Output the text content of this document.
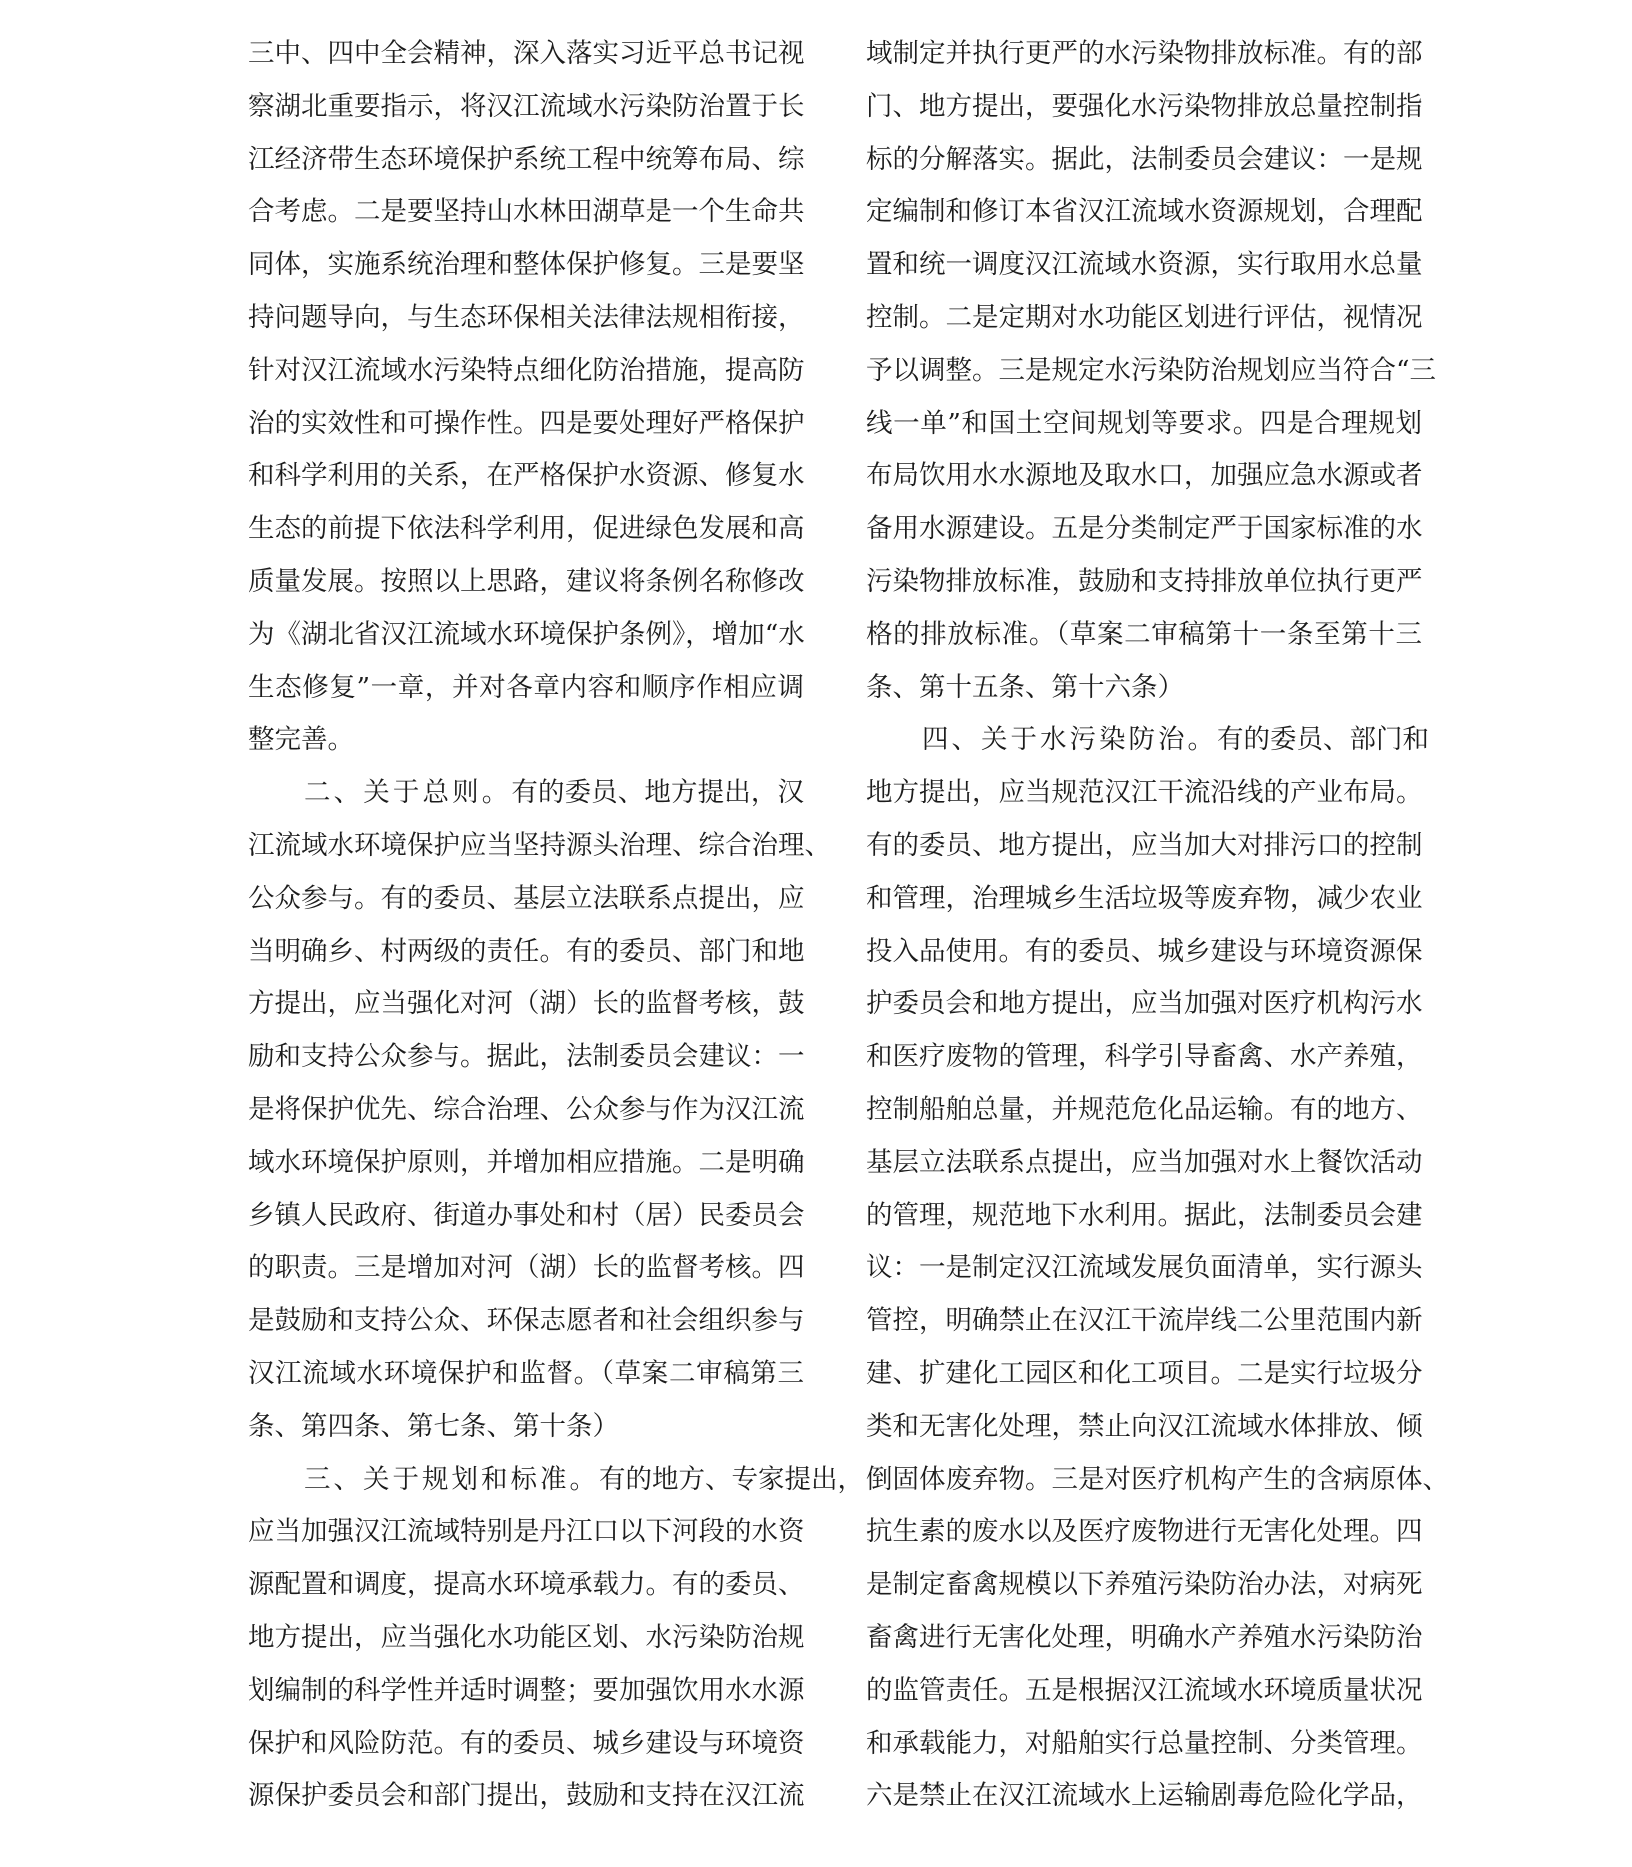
三中、四中全会精神，深入落实习近平总书记视
察湖北重要指示，将汉江流域水污染防治置于长
江经济带生态环境保护系统工程中统筹布局、综
合考虑。二是要坚持山水林田湖草是一个生命共
同体，实施系统治理和整体保护修复。三是要坚
持问题导向，与生态环保相关法律法规相衔接，
针对汉江流域水污染特点细化防治措施，提高防
治的实效性和可操作性。四是要处理好严格保护
和科学利用的关系，在严格保护水资源、修复水
生态的前提下依法科学利用，促进绿色发展和高
质量发展。按照以上思路，建议将条例名称修改
为《湖北省汉江流域水环境保护条例》，增加“水
生态修复”一章，并对各章内容和顺序作相应调
整完善。
二、关于总则。有的委员、地方提出，汉
江流域水环境保护应当坚持源头治理、综合治理、
公众参与。有的委员、基层立法联系点提出，应
当明确乡、村两级的责任。有的委员、部门和地
方提出，应当强化对河（湖）长的监督考核，鼓
励和支持公众参与。据此，法制委员会建议：一
是将保护优先、综合治理、公众参与作为汉江流
域水环境保护原则，并增加相应措施。二是明确
乡镇人民政府、街道办事处和村（居）民委员会
的职责。三是增加对河（湖）长的监督考核。四
是鼓励和支持公众、环保志愿者和社会组织参与
汉江流域水环境保护和监督。（草案二审稿第三
条、第四条、第七条、第十条）
三、关于规划和标准。有的地方、专家提出，
应当加强汉江流域特别是丹江口以下河段的水资
源配置和调度，提高水环境承载力。有的委员、
地方提出，应当强化水功能区划、水污染防治规
划编制的科学性并适时调整；要加强饮用水水源
保护和风险防范。有的委员、城乡建设与环境资
源保护委员会和部门提出，鼓励和支持在汉江流
域制定并执行更严的水污染物排放标准。有的部
门、地方提出，要强化水污染物排放总量控制指
标的分解落实。据此，法制委员会建议：一是规
定编制和修订本省汉江流域水资源规划，合理配
置和统一调度汉江流域水资源，实行取用水总量
控制。二是定期对水功能区划进行评估，视情况
予以调整。三是规定水污染防治规划应当符合“三
线一单”和国土空间规划等要求。四是合理规划
布局饮用水水源地及取水口，加强应急水源或者
备用水源建设。五是分类制定严于国家标准的水
污染物排放标准，鼓励和支持排放单位执行更严
格的排放标准。（草案二审稿第十一条至第十三
条、第十五条、第十六条）
四、关于水污染防治。有的委员、部门和
地方提出，应当规范汉江干流沿线的产业布局。
有的委员、地方提出，应当加大对排污口的控制
和管理，治理城乡生活垃圾等废弃物，减少农业
投入品使用。有的委员、城乡建设与环境资源保
护委员会和地方提出，应当加强对医疗机构污水
和医疗废物的管理，科学引导畜禽、水产养殖，
控制船舶总量，并规范危化品运输。有的地方、
基层立法联系点提出，应当加强对水上餐饮活动
的管理，规范地下水利用。据此，法制委员会建
议：一是制定汉江流域发展负面清单，实行源头
管控，明确禁止在汉江干流岸线二公里范围内新
建、扩建化工园区和化工项目。二是实行垃圾分
类和无害化处理，禁止向汉江流域水体排放、倾
倒固体废弃物。三是对医疗机构产生的含病原体、
抗生素的废水以及医疗废物进行无害化处理。四
是制定畜禽规模以下养殖污染防治办法，对病死
畜禽进行无害化处理，明确水产养殖水污染防治
的监管责任。五是根据汉江流域水环境质量状况
和承载能力，对船舶实行总量控制、分类管理。
六是禁止在汉江流域水上运输剧毒危险化学品，
